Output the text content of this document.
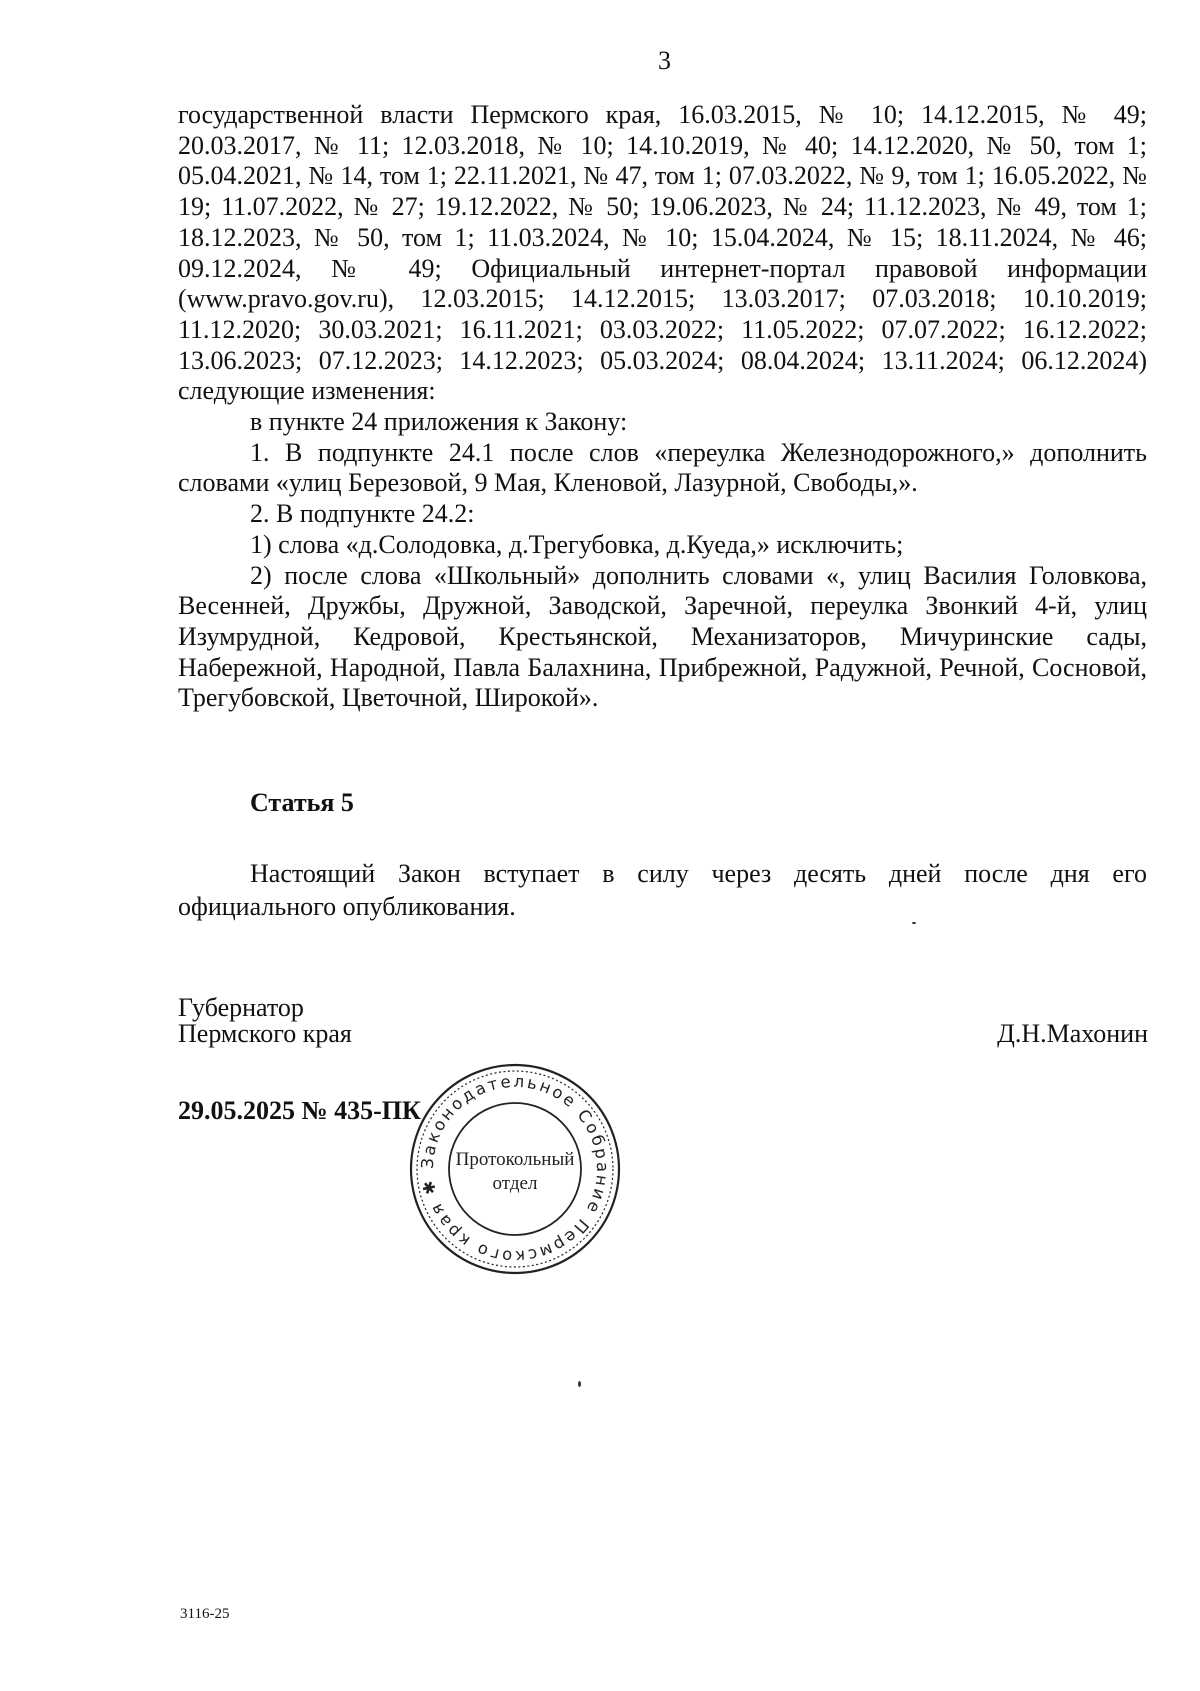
3

государственной власти Пермского края, 16.03.2015, № 10; 14.12.2015, № 49; 20.03.2017, № 11; 12.03.2018, № 10; 14.10.2019, № 40; 14.12.2020, № 50, том 1; 05.04.2021, № 14, том 1; 22.11.2021, № 47, том 1; 07.03.2022, № 9, том 1; 16.05.2022, № 19; 11.07.2022, № 27; 19.12.2022, № 50; 19.06.2023, № 24; 11.12.2023, № 49, том 1; 18.12.2023, № 50, том 1; 11.03.2024, № 10; 15.04.2024, № 15; 18.11.2024, № 46; 09.12.2024, № 49; Официальный интернет-портал правовой информации (www.pravo.gov.ru), 12.03.2015; 14.12.2015; 13.03.2017; 07.03.2018; 10.10.2019; 11.12.2020; 30.03.2021; 16.11.2021; 03.03.2022; 11.05.2022; 07.07.2022; 16.12.2022; 13.06.2023; 07.12.2023; 14.12.2023; 05.03.2024; 08.04.2024; 13.11.2024; 06.12.2024) следующие изменения:

в пункте 24 приложения к Закону:

1. В подпункте 24.1 после слов «переулка Железнодорожного,» дополнить словами «улиц Березовой, 9 Мая, Кленовой, Лазурной, Свободы,».

2. В подпункте 24.2:

1) слова «д.Солодовка, д.Трегубовка, д.Куеда,» исключить;

2) после слова «Школьный» дополнить словами «, улиц Василия Головкова, Весенней, Дружбы, Дружной, Заводской, Заречной, переулка Звонкий 4-й, улиц Изумрудной, Кедровой, Крестьянской, Механизаторов, Мичуринские сады, Набережной, Народной, Павла Балахнина, Прибрежной, Радужной, Речной, Сосновой, Трегубовской, Цветочной, Широкой».

Статья 5

Настоящий Закон вступает в силу через десять дней после дня его официального опубликования.

Губернатор
Пермского края	Д.Н.Махонин
29.05.2025 № 435-ПК
Законодательное Собрание Пермского края ✱
Протокольный
отдел
3116-25
